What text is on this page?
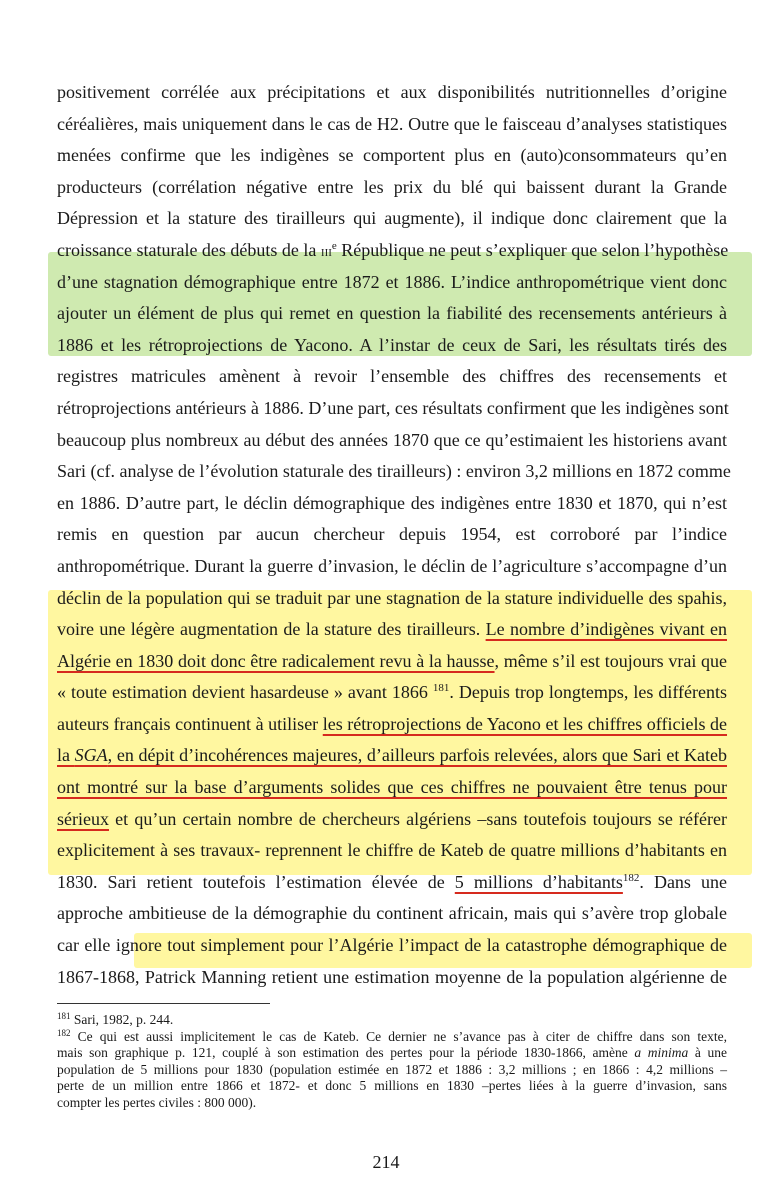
positivement corrélée aux précipitations et aux disponibilités nutritionnelles d’origine
céréalières, mais uniquement dans le cas de H2. Outre que le faisceau d’analyses statistiques
menées confirme que les indigènes se comportent plus en (auto)consommateurs qu’en
producteurs (corrélation négative entre les prix du blé qui baissent durant la Grande
Dépression et la stature des tirailleurs qui augmente), il indique donc clairement que la
croissance staturale des débuts de la iii$^e$ République ne peut s’expliquer que selon l’hypothèse
d’une stagnation démographique entre 1872 et 1886. L’indice anthropométrique vient donc
ajouter un élément de plus qui remet en question la fiabilité des recensements antérieurs à
1886 et les rétroprojections de Yacono. A l’instar de ceux de Sari, les résultats tirés des
registres matricules amènent à revoir l’ensemble des chiffres des recensements et
rétroprojections antérieurs à 1886. D’une part, ces résultats confirment que les indigènes sont
beaucoup plus nombreux au début des années 1870 que ce qu’estimaient les historiens avant
Sari (cf. analyse de l’évolution staturale des tirailleurs) : environ 3,2 millions en 1872 comme
en 1886. D’autre part, le déclin démographique des indigènes entre 1830 et 1870, qui n’est
remis en question par aucun chercheur depuis 1954, est corroboré par l’indice
anthropométrique. Durant la guerre d’invasion, le déclin de l’agriculture s’accompagne d’un
déclin de la population qui se traduit par une stagnation de la stature individuelle des spahis,
voire une légère augmentation de la stature des tirailleurs. Le nombre d’indigènes vivant en
Algérie en 1830 doit donc être radicalement revu à la hausse, même s’il est toujours vrai que
« toute estimation devient hasardeuse » avant 1866 $^{181}$. Depuis trop longtemps, les différents
auteurs français continuent à utiliser les rétroprojections de Yacono et les chiffres officiels de
la SGA, en dépit d’incohérences majeures, d’ailleurs parfois relevées, alors que Sari et Kateb
ont montré sur la base d’arguments solides que ces chiffres ne pouvaient être tenus pour
sérieux et qu’un certain nombre de chercheurs algériens –sans toutefois toujours se référer
explicitement à ses travaux- reprennent le chiffre de Kateb de quatre millions d’habitants en
1830. Sari retient toutefois l’estimation élevée de 5 millions d’habitants$^{182}$. Dans une
approche ambitieuse de la démographie du continent africain, mais qui s’avère trop globale
car elle ignore tout simplement pour l’Algérie l’impact de la catastrophe démographique de
1867-1868, Patrick Manning retient une estimation moyenne de la population algérienne de
$^{181}$ Sari, 1982, p. 244.
$^{182}$ Ce qui est aussi implicitement le cas de Kateb. Ce dernier ne s’avance pas à citer de chiffre dans son texte,
mais son graphique p. 121, couplé à son estimation des pertes pour la période 1830-1866, amène a minima à une
population de 5 millions pour 1830 (population estimée en 1872 et 1886 : 3,2 millions ; en 1866 : 4,2 millions –
perte de un million entre 1866 et 1872- et donc 5 millions en 1830 –pertes liées à la guerre d’invasion, sans
compter les pertes civiles : 800 000).
214
